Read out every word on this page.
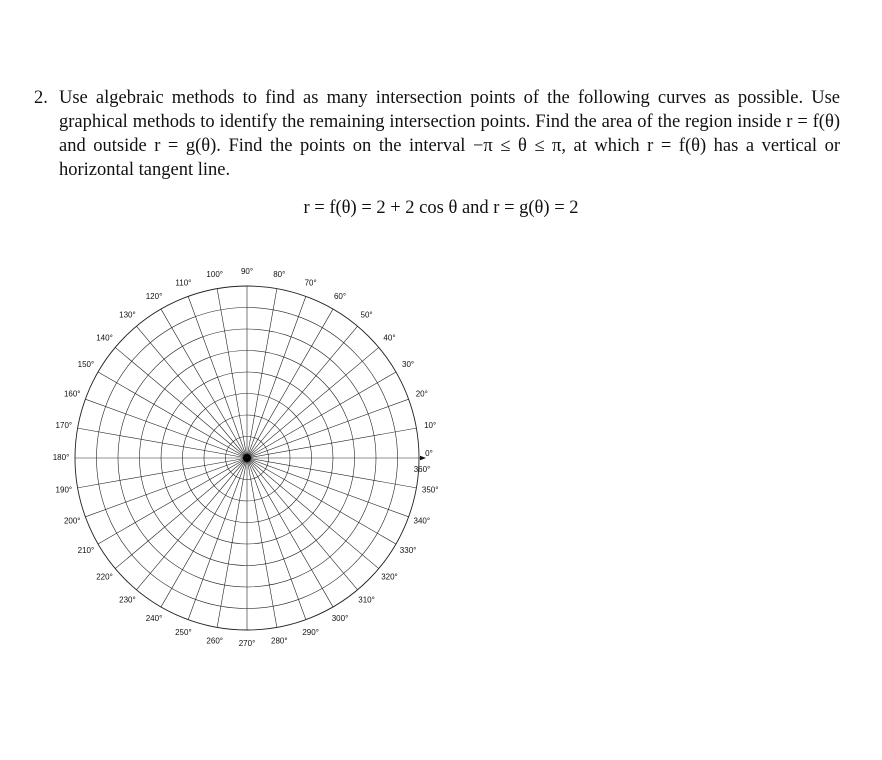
2. Use algebraic methods to find as many intersection points of the following curves as possible. Use graphical methods to identify the remaining intersection points. Find the area of the region inside r = f(θ) and outside r = g(θ). Find the points on the interval −π ≤ θ ≤ π, at which r = f(θ) has a vertical or horizontal tangent line.
r = f(θ) = 2 + 2 cos θ and r = g(θ) = 2
0°
10°
20°
30°
40°
50°
60°
70°
80°
90°
100°
110°
120°
130°
140°
150°
160°
170°
180°
190°
200°
210°
220°
230°
240°
250°
260° 270° 280°
290°
300°
310°
320°
330°
340°
350°
360°
